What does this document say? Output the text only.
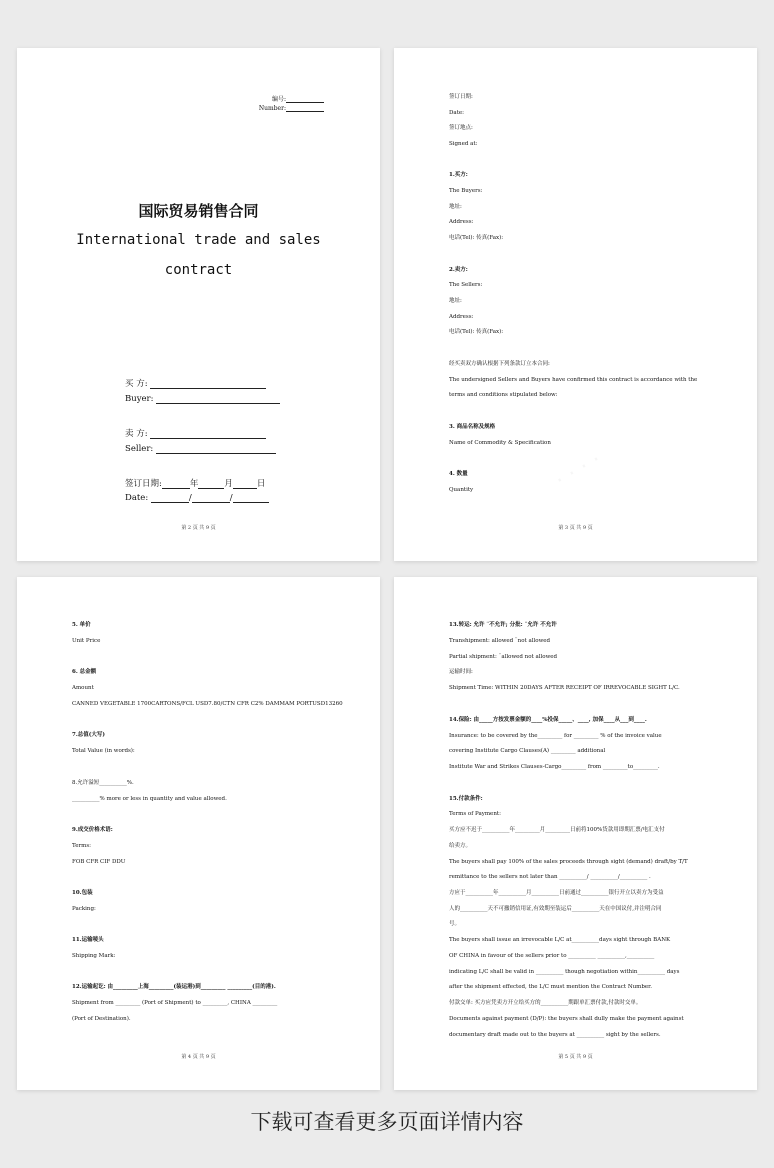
编号:
Number:
国际贸易销售合同
International trade and sales
contract
买 方:
Buyer:
卖 方:
Seller:
签订日期:	年	月	日
Date:	/	/
第 2 页 共 9 页
签订日期:
Date:
签订地点:
Signed at:
1.买方:
The Buyers:
地址:
Address:
电话(Tel): 传真(Fax):
2.卖方:
The Sellers:
地址:
Address:
电话(Tel): 传真(Fax):
经买卖双方确认根据下列条款订立本合同:
The undersigned Sellers and Buyers have confirmed this contract is accordance with the
terms and conditions stipulated below:
3. 商品名称及规格
Name of Commodity & Specification
4. 数量
Quantity
第 3 页 共 9 页
5. 单价
Unit Price
6. 总金额
Amount
CANNED VEGETABLE 1700CARTONS/FCL USD7.80/CTN CFR C2% DAMMAM PORTUSD13260
7.总值(大写)
Total Value (in words):
8.允许溢短__________%.
__________% more or less in quantity and value allowed.
9.成交价格术语:
Terms:
FOB CFR CIF DDU
10.包装
Packing:
11.运输唛头
Shipping Mark:
12.运输起讫: 由_________上海_________(装运港)到_________ _________(目的港).
Shipment from _________ (Port of Shipment) to _________, CHINA _________
(Port of Destination).
第 4 页 共 9 页
13.转运: 允许 ¨不允许; 分批: ¨允许 不允许
Transhipment: allowed ¨not allowed
Partial shipment: ¨allowed not allowed
运输时间:
Shipment Time: WITHIN 20DAYS AFTER RECEIPT OF IRREVOCABLE SIGHT L/C.
14.保险: 由_____方按发票金额的____%投保_____、____, 加保____从___到____.
Insurance: to be covered by the_________ for _________ % of the invoice value
covering Institute Cargo Clauses(A) _________ additional
Institute War and Strikes Clauses-Cargo_________ from _________to_________.
15.付款条件:
Terms of Payment:
买方应不迟于__________年_________月_________日前将100%货款用即期汇票/电汇支付
给卖方。
The buyers shall pay 100% of the sales proceeds through sight (demand) draft/by T/T
remittance to the sellers not later than __________/ __________/__________ .
方应于__________年__________月__________日前通过__________银行开立以卖方为受益
人的__________天不可撤销信用证,有效期至装运后__________天在中国议付,并注明合同
号。
The buyers shall issue an irrevocable L/C at__________days sight through BANK
OF CHINA in favour of the sellers prior to __________ __________,__________
indicating L/C shall be valid in __________ though negotiation within__________ days
after the shipment effected, the L/C must mention the Contract Number.
付款交单: 买方应凭卖方开立给买方的__________期跟单汇票付款,付款时交单。
Documents against payment (D/P): the buyers shall dully make the payment against
documentary draft made out to the buyers at __________ sight by the sellers.
第 5 页 共 9 页
下载可查看更多页面详情内容
